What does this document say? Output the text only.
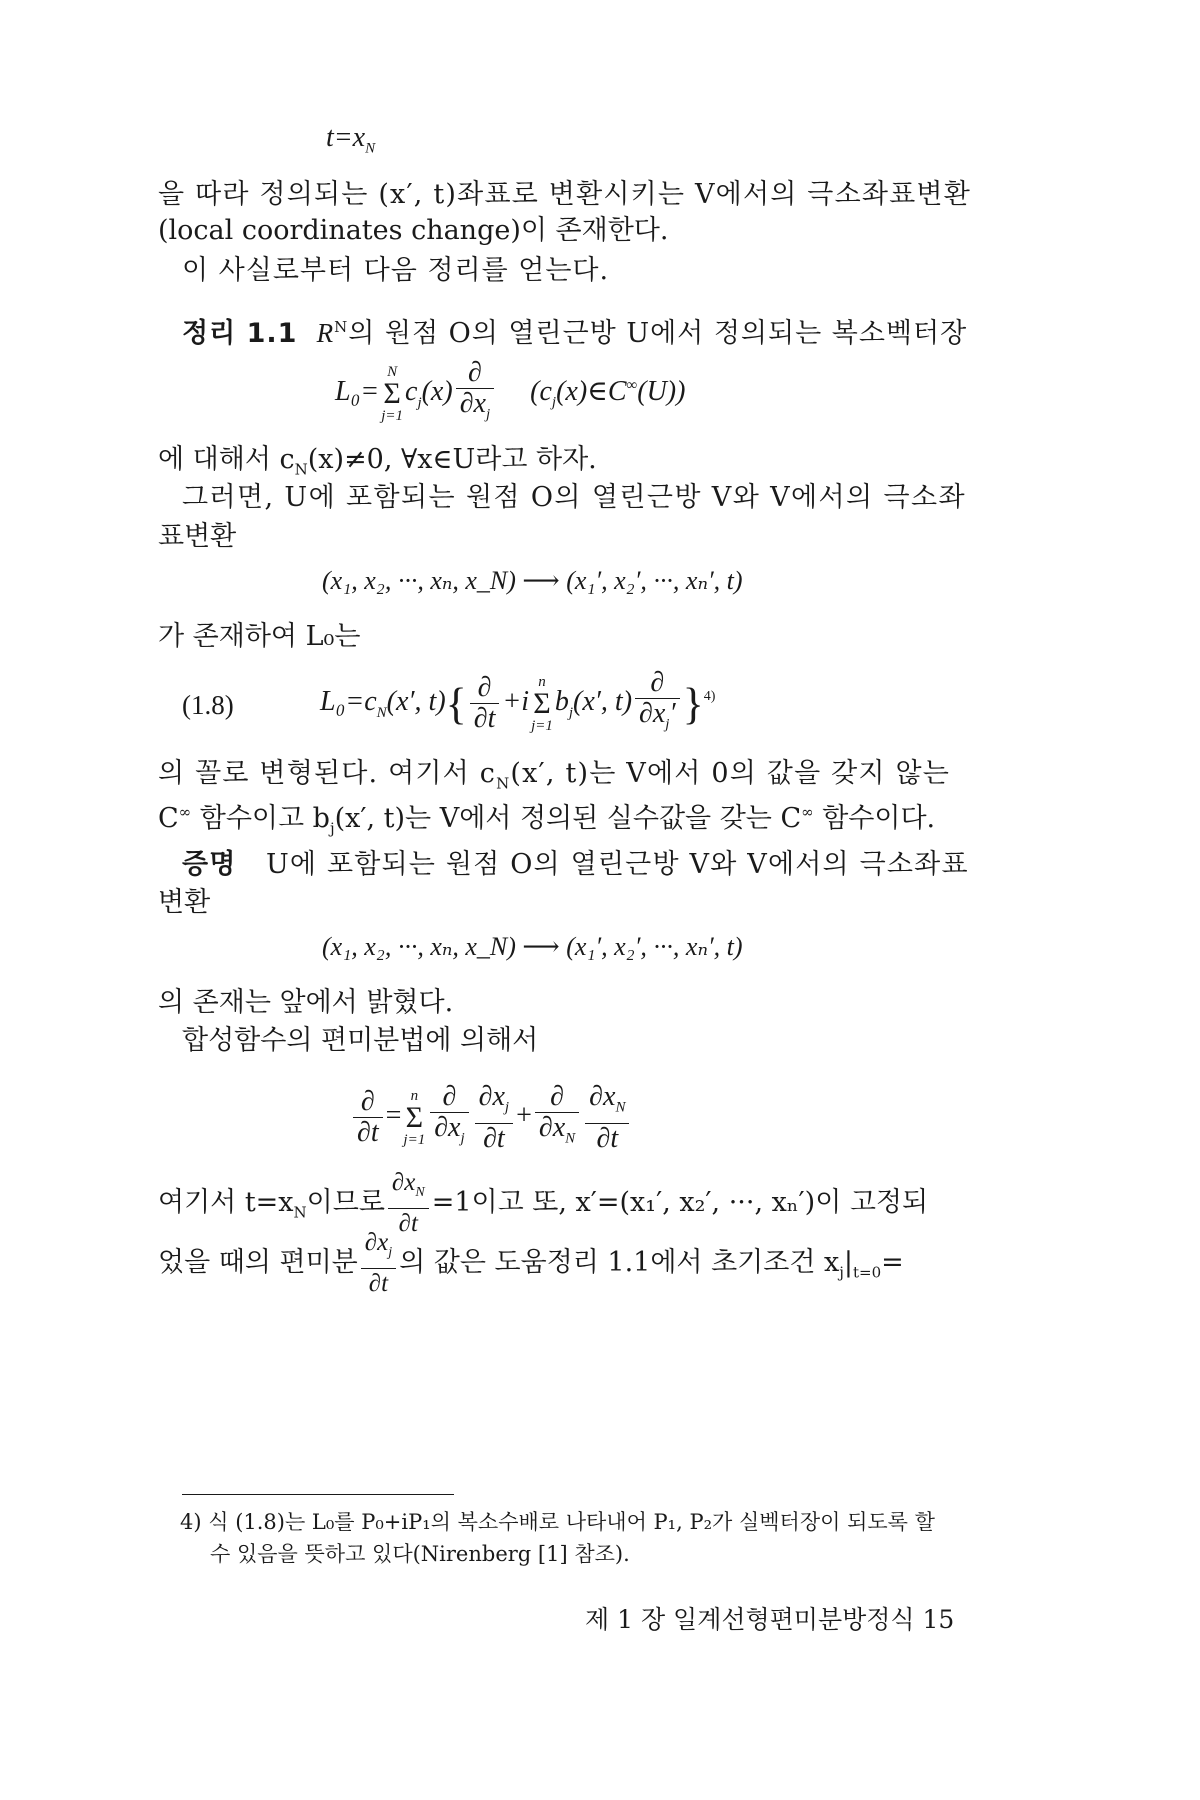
$t=x_N$
을 따라 정의되는 (x′, t)좌표로 변환시키는 V에서의 극소좌표변환
(local coordinates change)이 존재한다.
이 사실로부터 다음 정리를 얻는다.
정리 1.1 $R^N$의 원점 O의 열린근방 U에서 정의되는 복소벡터장
L₀=
N
Σ
j=1
$c_j(x) \frac{\partial}{\partial x_j}$ $(c_j(x)\in C^\infty(U))$
에 대해서 $c_N(x)\ne 0$, ∀x∈U라고 하자.
그러면, U에 포함되는 원점 O의 열린근방 V와 V에서의 극소좌
표변환
(x₁, x₂, ···, xₙ, x_N) ⟶ (x₁′, x₂′, ···, xₙ′, t)
가 존재하여 L₀는
(1.8)	$L_0=c_N(x'$, $t)\{ \frac{\partial}{\partial t} +i$
n
Σ
j=1
$b_j(x'$, $t) \frac{\partial}{\partial x_j'} \}^{4)}$
의 꼴로 변형된다. 여기서 $c_N(x'$, t)는 V에서 0의 값을 갖지 않는
C∞ 함수이고 $b_j(x'$, t)는 V에서 정의된 실수값을 갖는 C∞ 함수이다.
증명 U에 포함되는 원점 O의 열린근방 V와 V에서의 극소좌표
변환
(x₁, x₂, ···, xₙ, x_N) ⟶ (x₁′, x₂′, ···, xₙ′, t)
의 존재는 앞에서 밝혔다.
합성함수의 편미분법에 의해서
$\frac{\partial}{\partial t}$ =
n
Σ
$j=1 \frac{\partial}{\partial x_j} \frac{\partial x_j}{\partial t} + \frac{\partial}{\partial x_N} \frac{\partial x_N}{\partial t}$
여기서 $t=x_N$이므로 $\frac{\partial x_N}{\partial t} =1$이고 또, x′=(x₁′, x₂′, ···, xₙ′)이 고정되
었을 때의 편미분 $\frac{\partial x_j}{\partial t}$ 의 값은 도움정리 1.1에서 초기조건 $x_j|_{t=0}=$
4) 식 (1.8)는 L₀를 P₀+iP₁의 복소수배로 나타내어 P₁, P₂가 실벡터장이 되도록 할
수 있음을 뜻하고 있다(Nirenberg [1] 참조).
제 1 장 일계선형편미분방정식 15
